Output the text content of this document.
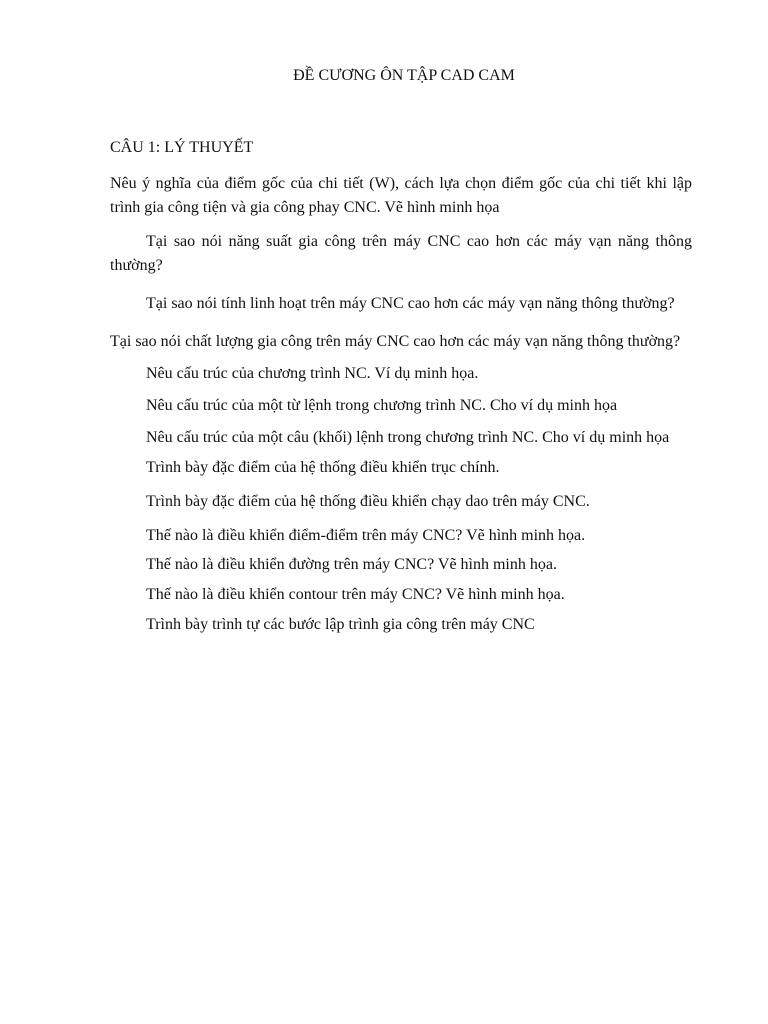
ĐỀ CƯƠNG ÔN TẬP CAD CAM
CÂU 1: LÝ THUYẾT

Nêu ý nghĩa của điểm gốc của chi tiết (W), cách lựa chọn điểm gốc của chi tiết khi lập trình gia công tiện và gia công phay CNC. Vẽ hình minh họa

Tại sao nói năng suất gia công trên máy CNC cao hơn các máy vạn năng thông thường?

Tại sao nói tính linh hoạt trên máy CNC cao hơn các máy vạn năng thông thường?

Tại sao nói chất lượng gia công trên máy CNC cao hơn các máy vạn năng thông thường?

Nêu cấu trúc của chương trình NC. Ví dụ minh họa.

Nêu cấu trúc của một từ lệnh trong chương trình NC. Cho ví dụ minh họa

Nêu cấu trúc của một câu (khối) lệnh trong chương trình NC. Cho ví dụ minh họa

Trình bày đặc điểm của hệ thống điều khiển trục chính.

Trình bày đặc điểm của hệ thống điều khiển chạy dao trên máy CNC.

Thế nào là điều khiển điểm-điểm trên máy CNC? Vẽ hình minh họa.

Thế nào là điều khiển đường trên máy CNC? Vẽ hình minh họa.

Thế nào là điều khiển contour trên máy CNC? Vẽ hình minh họa.

Trình bày trình tự các bước lập trình gia công trên máy CNC
